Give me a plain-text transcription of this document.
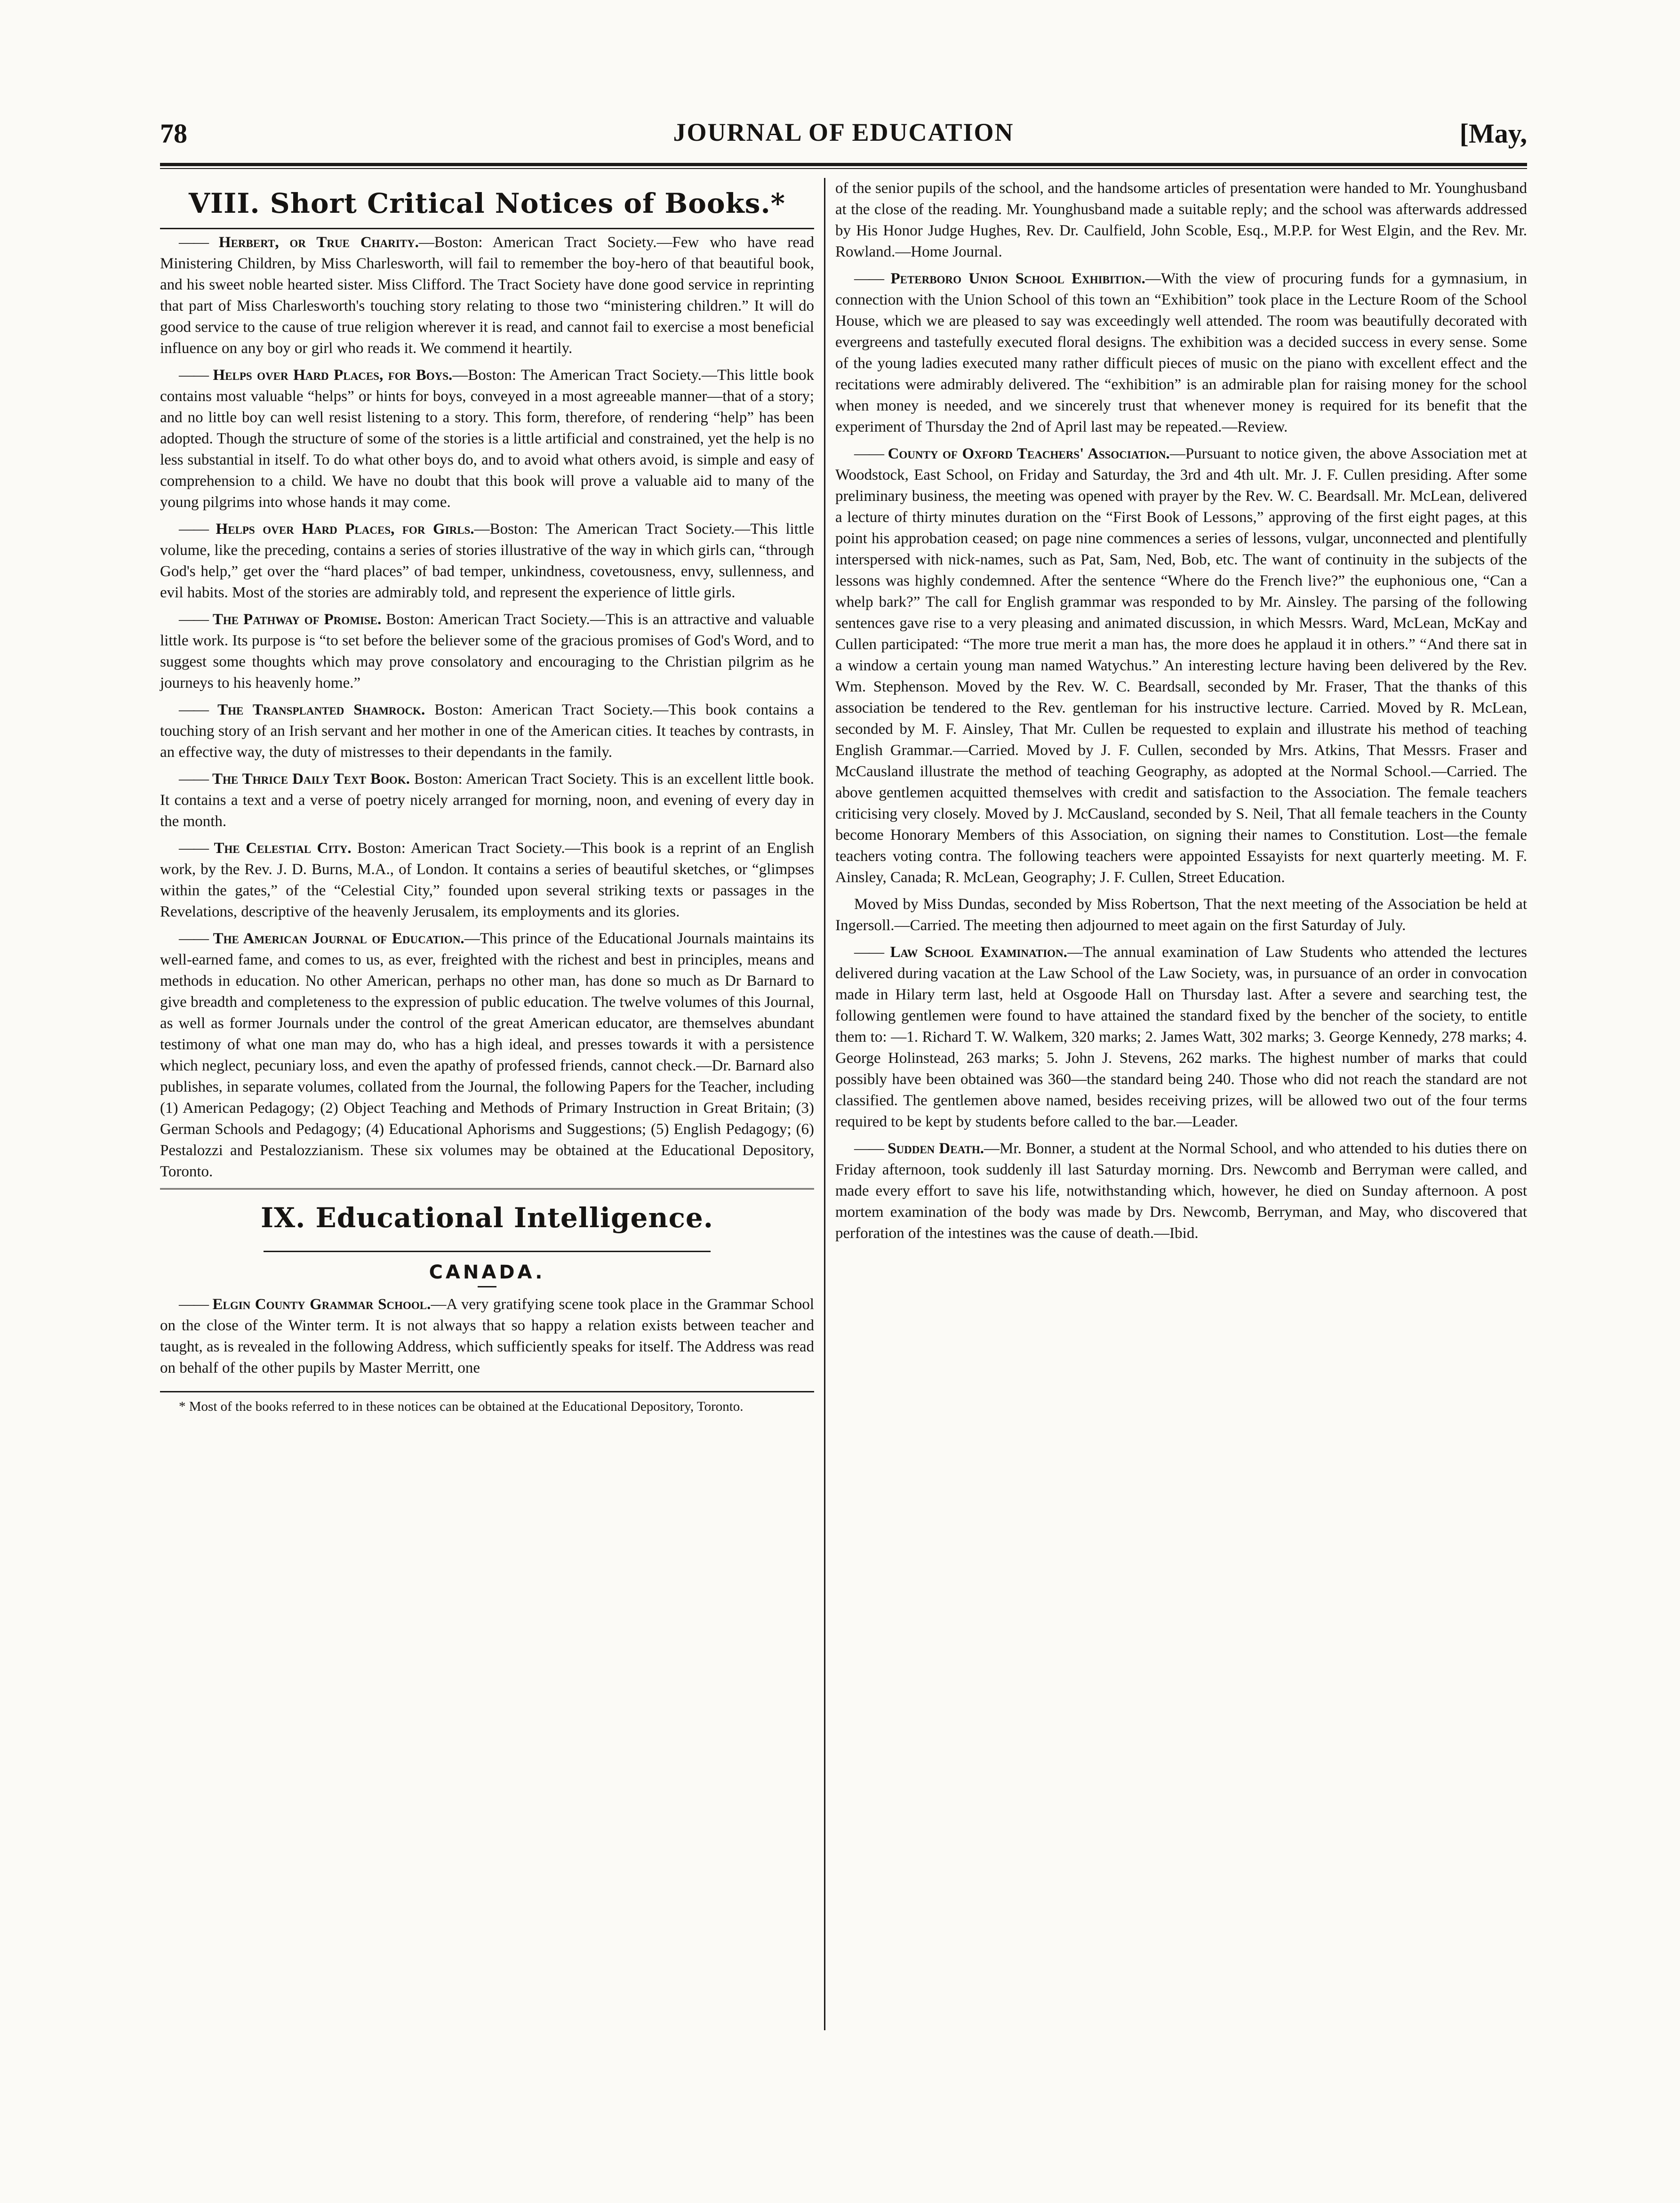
78	JOURNAL OF EDUCATION	[May,
VIII. Short Critical Notices of Books.*

—— Herbert, or True Charity.—Boston: American Tract Society.—Few who have read Ministering Children, by Miss Charlesworth, will fail to remember the boy-hero of that beautiful book, and his sweet noble hearted sister. Miss Clifford. The Tract Society have done good service in reprinting that part of Miss Charlesworth's touching story relating to those two “ministering children.” It will do good service to the cause of true religion wherever it is read, and cannot fail to exercise a most beneficial influence on any boy or girl who reads it. We commend it heartily.

—— Helps over Hard Places, for Boys.—Boston: The American Tract Society.—This little book contains most valuable “helps” or hints for boys, conveyed in a most agreeable manner—that of a story; and no little boy can well resist listening to a story. This form, therefore, of rendering “help” has been adopted. Though the structure of some of the stories is a little artificial and constrained, yet the help is no less substantial in itself. To do what other boys do, and to avoid what others avoid, is simple and easy of comprehension to a child. We have no doubt that this book will prove a valuable aid to many of the young pilgrims into whose hands it may come.

—— Helps over Hard Places, for Girls.—Boston: The American Tract Society.—This little volume, like the preceding, contains a series of stories illustrative of the way in which girls can, “through God's help,” get over the “hard places” of bad temper, unkindness, covetousness, envy, sullenness, and evil habits. Most of the stories are admirably told, and represent the experience of little girls.

—— The Pathway of Promise. Boston: American Tract Society.—This is an attractive and valuable little work. Its purpose is “to set before the believer some of the gracious promises of God's Word, and to suggest some thoughts which may prove consolatory and encouraging to the Christian pilgrim as he journeys to his heavenly home.”

—— The Transplanted Shamrock. Boston: American Tract Society.—This book contains a touching story of an Irish servant and her mother in one of the American cities. It teaches by contrasts, in an effective way, the duty of mistresses to their dependants in the family.

—— The Thrice Daily Text Book. Boston: American Tract Society. This is an excellent little book. It contains a text and a verse of poetry nicely arranged for morning, noon, and evening of every day in the month.

—— The Celestial City. Boston: American Tract Society.—This book is a reprint of an English work, by the Rev. J. D. Burns, M.A., of London. It contains a series of beautiful sketches, or “glimpses within the gates,” of the “Celestial City,” founded upon several striking texts or passages in the Revelations, descriptive of the heavenly Jerusalem, its employments and its glories.

—— The American Journal of Education.—This prince of the Educational Journals maintains its well-earned fame, and comes to us, as ever, freighted with the richest and best in principles, means and methods in education. No other American, perhaps no other man, has done so much as Dr Barnard to give breadth and completeness to the expression of public education. The twelve volumes of this Journal, as well as former Journals under the control of the great American educator, are themselves abundant testimony of what one man may do, who has a high ideal, and presses towards it with a persistence which neglect, pecuniary loss, and even the apathy of professed friends, cannot check.—Dr. Barnard also publishes, in separate volumes, collated from the Journal, the following Papers for the Teacher, including (1) American Pedagogy; (2) Object Teaching and Methods of Primary Instruction in Great Britain; (3) German Schools and Pedagogy; (4) Educational Aphorisms and Suggestions; (5) English Pedagogy; (6) Pestalozzi and Pestalozzianism. These six volumes may be obtained at the Educational Depository, Toronto.

IX. Educational Intelligence.
CANADA.

—— Elgin County Grammar School.—A very gratifying scene took place in the Grammar School on the close of the Winter term. It is not always that so happy a relation exists between teacher and taught, as is revealed in the following Address, which sufficiently speaks for itself. The Address was read on behalf of the other pupils by Master Merritt, one

* Most of the books referred to in these notices can be obtained at the Educational Depository, Toronto.

of the senior pupils of the school, and the handsome articles of presentation were handed to Mr. Younghusband at the close of the reading. Mr. Younghusband made a suitable reply; and the school was afterwards addressed by His Honor Judge Hughes, Rev. Dr. Caulfield, John Scoble, Esq., M.P.P. for West Elgin, and the Rev. Mr. Rowland.—Home Journal.

—— Peterboro Union School Exhibition.—With the view of procuring funds for a gymnasium, in connection with the Union School of this town an “Exhibition” took place in the Lecture Room of the School House, which we are pleased to say was exceedingly well attended. The room was beautifully decorated with evergreens and tastefully executed floral designs. The exhibition was a decided success in every sense. Some of the young ladies executed many rather difficult pieces of music on the piano with excellent effect and the recitations were admirably delivered. The “exhibition” is an admirable plan for raising money for the school when money is needed, and we sincerely trust that whenever money is required for its benefit that the experiment of Thursday the 2nd of April last may be repeated.—Review.

—— County of Oxford Teachers' Association.—Pursuant to notice given, the above Association met at Woodstock, East School, on Friday and Saturday, the 3rd and 4th ult. Mr. J. F. Cullen presiding. After some preliminary business, the meeting was opened with prayer by the Rev. W. C. Beardsall. Mr. McLean, delivered a lecture of thirty minutes duration on the “First Book of Lessons,” approving of the first eight pages, at this point his approbation ceased; on page nine commences a series of lessons, vulgar, unconnected and plentifully interspersed with nick-names, such as Pat, Sam, Ned, Bob, etc. The want of continuity in the subjects of the lessons was highly condemned. After the sentence “Where do the French live?” the euphonious one, “Can a whelp bark?” The call for English grammar was responded to by Mr. Ainsley. The parsing of the following sentences gave rise to a very pleasing and animated discussion, in which Messrs. Ward, McLean, McKay and Cullen participated: “The more true merit a man has, the more does he applaud it in others.” “And there sat in a window a certain young man named Watychus.” An interesting lecture having been delivered by the Rev. Wm. Stephenson. Moved by the Rev. W. C. Beardsall, seconded by Mr. Fraser, That the thanks of this association be tendered to the Rev. gentleman for his instructive lecture. Carried. Moved by R. McLean, seconded by M. F. Ainsley, That Mr. Cullen be requested to explain and illustrate his method of teaching English Grammar.—Carried. Moved by J. F. Cullen, seconded by Mrs. Atkins, That Messrs. Fraser and McCausland illustrate the method of teaching Geography, as adopted at the Normal School.—Carried. The above gentlemen acquitted themselves with credit and satisfaction to the Association. The female teachers criticising very closely. Moved by J. McCausland, seconded by S. Neil, That all female teachers in the County become Honorary Members of this Association, on signing their names to Constitution. Lost—the female teachers voting contra. The following teachers were appointed Essayists for next quarterly meeting. M. F. Ainsley, Canada; R. McLean, Geography; J. F. Cullen, Street Education.

Moved by Miss Dundas, seconded by Miss Robertson, That the next meeting of the Association be held at Ingersoll.—Carried. The meeting then adjourned to meet again on the first Saturday of July.

—— Law School Examination.—The annual examination of Law Students who attended the lectures delivered during vacation at the Law School of the Law Society, was, in pursuance of an order in convocation made in Hilary term last, held at Osgoode Hall on Thursday last. After a severe and searching test, the following gentlemen were found to have attained the standard fixed by the bencher of the society, to entitle them to: —1. Richard T. W. Walkem, 320 marks; 2. James Watt, 302 marks; 3. George Kennedy, 278 marks; 4. George Holinstead, 263 marks; 5. John J. Stevens, 262 marks. The highest number of marks that could possibly have been obtained was 360—the standard being 240. Those who did not reach the standard are not classified. The gentlemen above named, besides receiving prizes, will be allowed two out of the four terms required to be kept by students before called to the bar.—Leader.

—— Sudden Death.—Mr. Bonner, a student at the Normal School, and who attended to his duties there on Friday afternoon, took suddenly ill last Saturday morning. Drs. Newcomb and Berryman were called, and made every effort to save his life, notwithstanding which, however, he died on Sunday afternoon. A post mortem examination of the body was made by Drs. Newcomb, Berryman, and May, who discovered that perforation of the intestines was the cause of death.—Ibid.
